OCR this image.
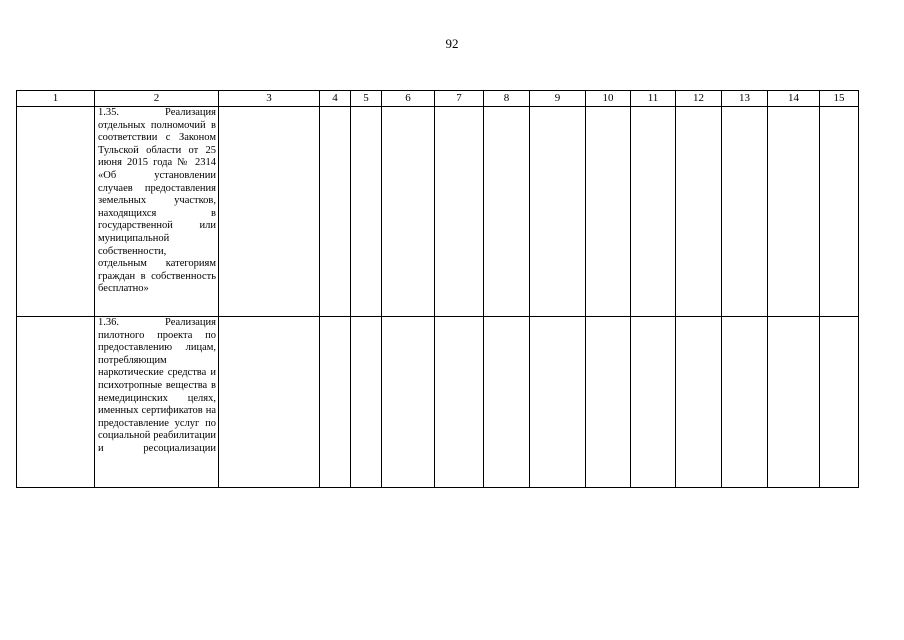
92
1	2	3	4	5	6	7	8	9	10	11	12	13	14	15

	1.35. Реализация отдельных полномочий в соответствии с Законом Тульской области от 25 июня 2015 года № 2314 «Об установлении случаев предоставления земельных участков, находящихся в государственной или муниципальной собственности, отдельным категориям граждан в собственность бесплатно»													

	1.36. Реализация пилотного проекта по предоставлению лицам, потребляющим наркотические средства и психотропные вещества в немедицинских целях, именных сертификатов на предоставление услуг по социальной реабилитации и ресоциализации													
